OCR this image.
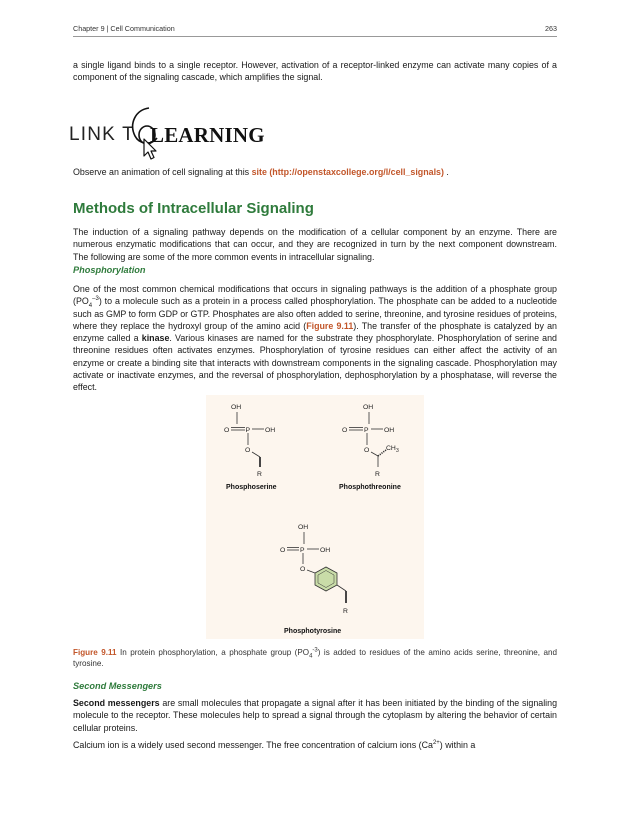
Chapter 9 | Cell Communication	263

a single ligand binds to a single receptor. However, activation of a receptor-linked enzyme can activate many copies of a component of the signaling cascade, which amplifies the signal.

LINK T LEARNING
Observe an animation of cell signaling at this site (http://openstaxcollege.org/l/cell_signals) .
Methods of Intracellular Signaling

The induction of a signaling pathway depends on the modification of a cellular component by an enzyme. There are numerous enzymatic modifications that can occur, and they are recognized in turn by the next component downstream. The following are some of the more common events in intracellular signaling.

Phosphorylation

One of the most common chemical modifications that occurs in signaling pathways is the addition of a phosphate group $(PO_4^{-3})$ to a molecule such as a protein in a process called phosphorylation. The phosphate can be added to a nucleotide such as GMP to form GDP or GTP. Phosphates are also often added to serine, threonine, and tyrosine residues of proteins, where they replace the hydroxyl group of the amino acid (Figure 9.11). The transfer of the phosphate is catalyzed by an enzyme called a kinase. Various kinases are named for the substrate they phosphorylate. Phosphorylation of serine and threonine residues often activates enzymes. Phosphorylation of tyrosine residues can either affect the activity of an enzyme or create a binding site that interacts with downstream components in the signaling cascade. Phosphorylation may activate or inactivate enzymes, and the reversal of phosphorylation, dephosphorylation by a phosphatase, will reverse the effect.

OH
O P OH
O
R
Phosphoserine
OH
O P OH
O CH 3
R
Phosphothreonine
OH
O P OH
O
R
Phosphotyrosine

Figure 9.11 In protein phosphorylation, a phosphate group $(PO_4^{-3})$ is added to residues of the amino acids serine, threonine, and tyrosine.

Second Messengers

Second messengers are small molecules that propagate a signal after it has been initiated by the binding of the signaling molecule to the receptor. These molecules help to spread a signal through the cytoplasm by altering the behavior of certain cellular proteins.

Calcium ion is a widely used second messenger. The free concentration of calcium ions $(Ca^{2+})$ within a
